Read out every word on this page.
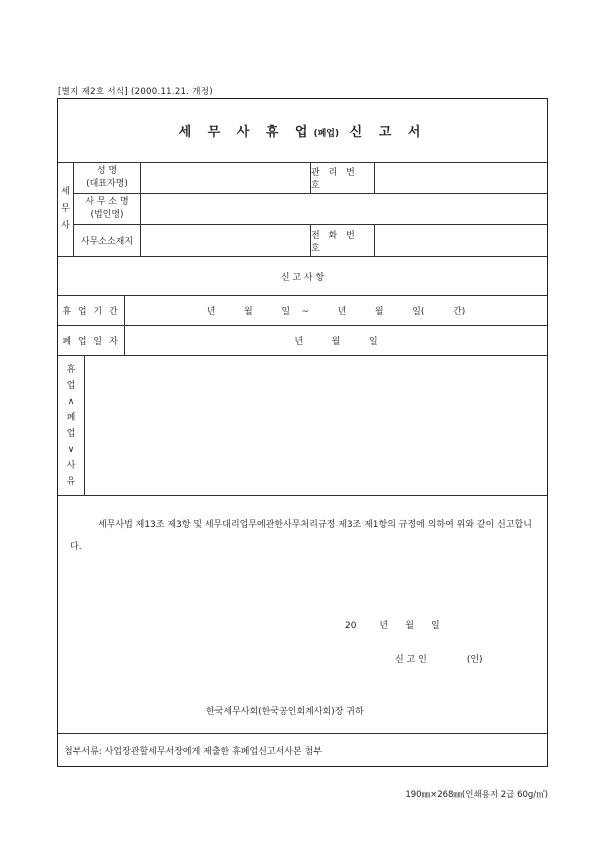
[별지 제2호 서식] (2000.11.21. 개정)
세 무 사 휴 업(폐업) 신 고 서
세
무
사
성 명
(대표자명)
관 리 번 호
사 무 소 명
(법인명)
사무소소재지
전 화 번 호
신 고 사 항
휴 업 기 간	년          월          일    ~          년          월          일(          간)
폐 업 일 자	년          월          일
휴
업
∧
폐
업
∨
사
유
세무사법 제13조 제3항 및 세무대리업무에관한사무처리규정 제3조 제1항의 규정에 의하여 위와 같이 신고합니다.
20        년      월      일
신 고 인              (인)
한국세무사회(한국공인회계사회)장 귀하
첨부서류: 사업장관할세무서장에게 제출한 휴폐업신고서사본 첨부
190㎜×268㎜(인쇄용지 2급 60g/㎡)
